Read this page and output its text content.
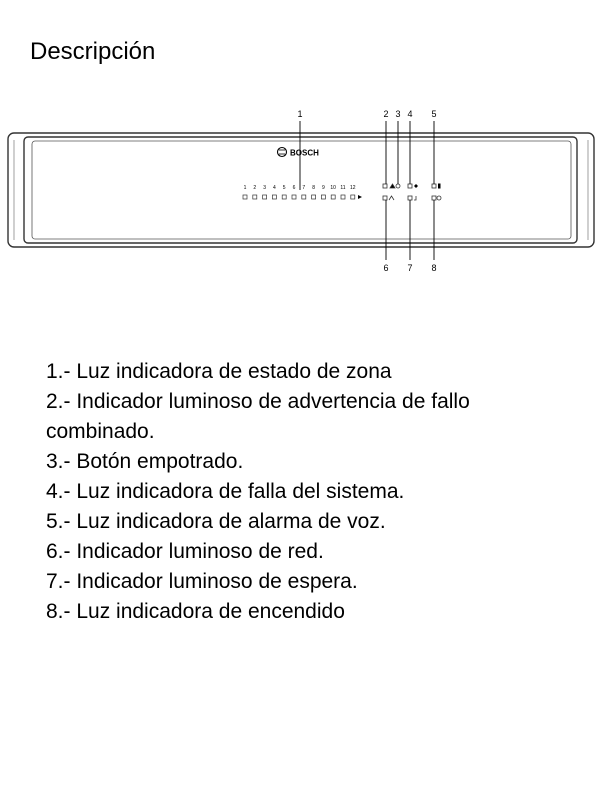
Descripción
BOSCH
1 2 3 4 5 6 7 8 9 10 11 12
1	2 3 4 5
6 7 8
1.- Luz indicadora de estado de zona
2.- Indicador luminoso de advertencia de fallo combinado.
3.- Botón empotrado.
4.- Luz indicadora de falla del sistema.
5.- Luz indicadora de alarma de voz.
6.- Indicador luminoso de red.
7.- Indicador luminoso de espera.
8.- Luz indicadora de encendido
